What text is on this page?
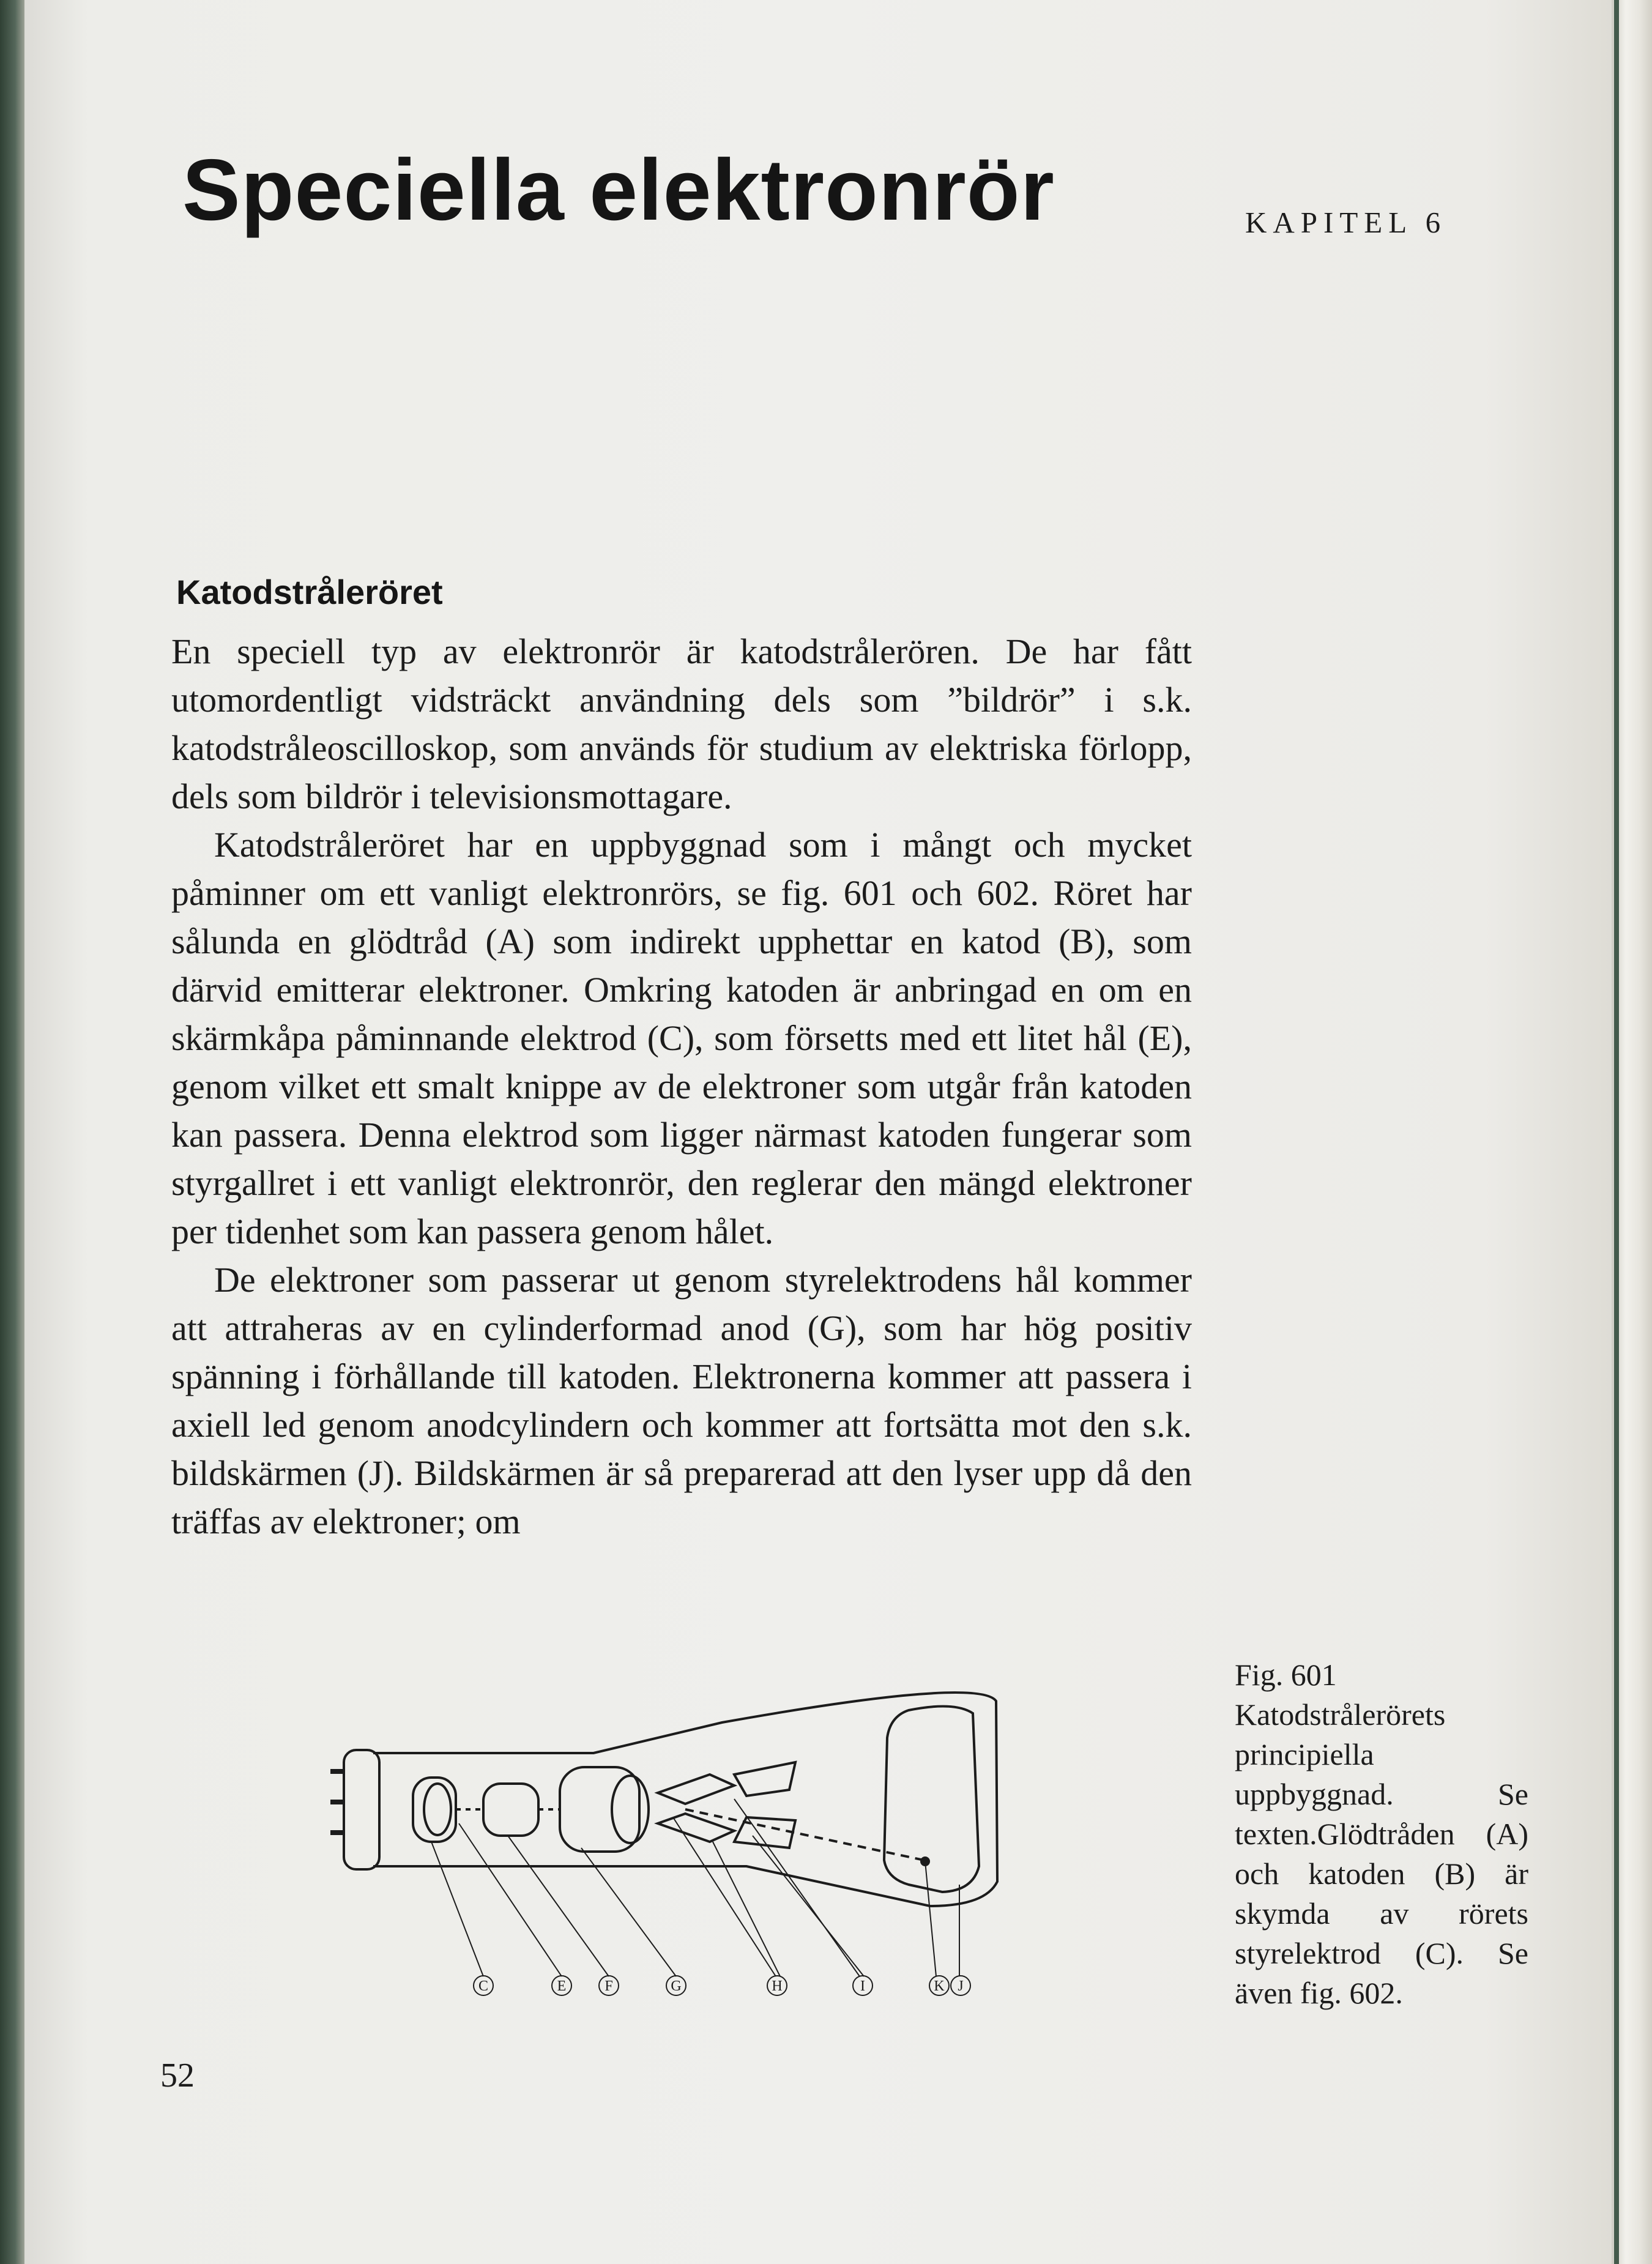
Speciella elektronrör	KAPITEL 6
Katodstråleröret

En speciell typ av elektronrör är katodstrålerören. De har fått utomordentligt vidsträckt användning dels som ”bildrör” i s.k. katodstråleoscilloskop, som används för studium av elektriska förlopp, dels som bildrör i televisionsmottagare.

Katodstråleröret har en uppbyggnad som i mångt och mycket påminner om ett vanligt elektronrörs, se fig. 601 och 602. Röret har sålunda en glödtråd (A) som indirekt upphettar en katod (B), som därvid emitterar elektroner. Omkring katoden är anbringad en om en skärmkåpa påminnande elektrod (C), som försetts med ett litet hål (E), genom vilket ett smalt knippe av de elektroner som utgår från katoden kan passera. Denna elektrod som ligger närmast katoden fungerar som styrgallret i ett vanligt elektronrör, den reglerar den mängd elektroner per tidenhet som kan passera genom hålet.

De elektroner som passerar ut genom styrelektrodens hål kommer att attraheras av en cylinderformad anod (G), som har hög positiv spänning i förhållande till katoden. Elektronerna kommer att passera i axiell led genom anodcylindern och kommer att fortsätta mot den s.k. bildskärmen (J). Bildskärmen är så preparerad att den lyser upp då den träffas av elektroner; om

C	E	F	G	H	I	K J
Fig. 601
Katodstrålerörets principiella uppbyggnad. Se texten.Glödtråden (A) och katoden (B) är skymda av rörets styrelektrod (C). Se även fig. 602.
52
